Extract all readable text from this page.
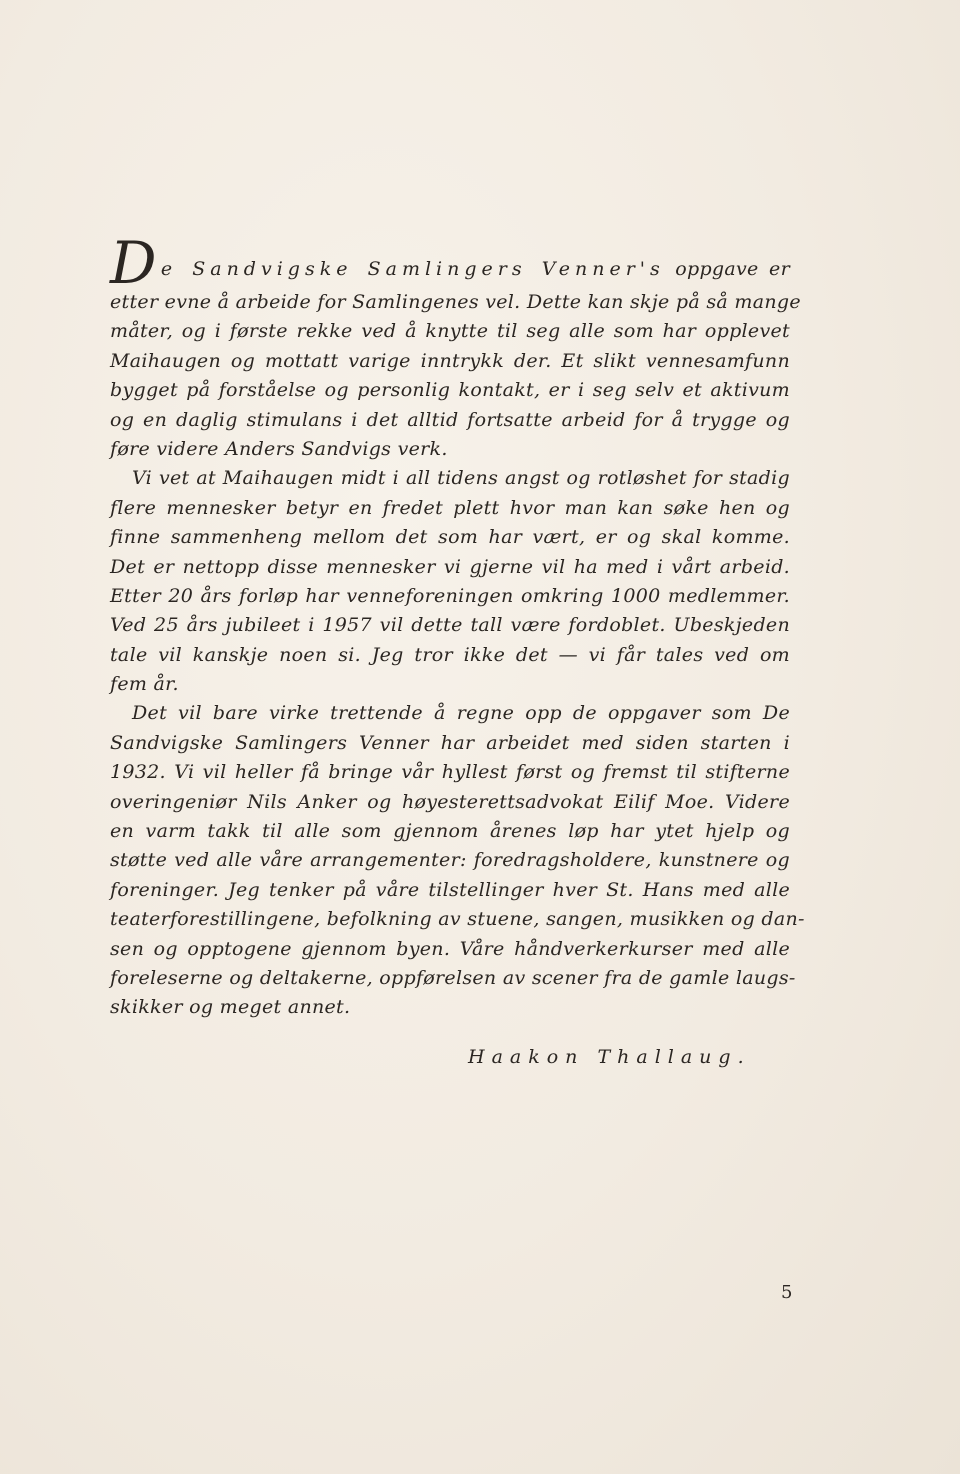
De Sandvigske Samlingers Venner's oppgave er
etter evne å arbeide for Samlingenes vel. Dette kan skje på så mange
måter, og i første rekke ved å knytte til seg alle som har opplevet
Maihaugen og mottatt varige inntrykk der. Et slikt vennesamfunn
bygget på forståelse og personlig kontakt, er i seg selv et aktivum
og en daglig stimulans i det alltid fortsatte arbeid for å trygge og
føre videre Anders Sandvigs verk.
Vi vet at Maihaugen midt i all tidens angst og rotløshet for stadig
flere mennesker betyr en fredet plett hvor man kan søke hen og
finne sammenheng mellom det som har vært, er og skal komme.
Det er nettopp disse mennesker vi gjerne vil ha med i vårt arbeid.
Etter 20 års forløp har venneforeningen omkring 1000 medlemmer.
Ved 25 års jubileet i 1957 vil dette tall være fordoblet. Ubeskjeden
tale vil kanskje noen si. Jeg tror ikke det — vi får tales ved om
fem år.
Det vil bare virke trettende å regne opp de oppgaver som De
Sandvigske Samlingers Venner har arbeidet med siden starten i
1932. Vi vil heller få bringe vår hyllest først og fremst til stifterne
overingeniør Nils Anker og høyesterettsadvokat Eilif Moe. Videre
en varm takk til alle som gjennom årenes løp har ytet hjelp og
støtte ved alle våre arrangementer: foredragsholdere, kunstnere og
foreninger. Jeg tenker på våre tilstellinger hver St. Hans med alle
teaterforestillingene, befolkning av stuene, sangen, musikken og dan-
sen og opptogene gjennom byen. Våre håndverkerkurser med alle
foreleserne og deltakerne, oppførelsen av scener fra de gamle laugs-
skikker og meget annet.
Haakon Thallaug.
5
